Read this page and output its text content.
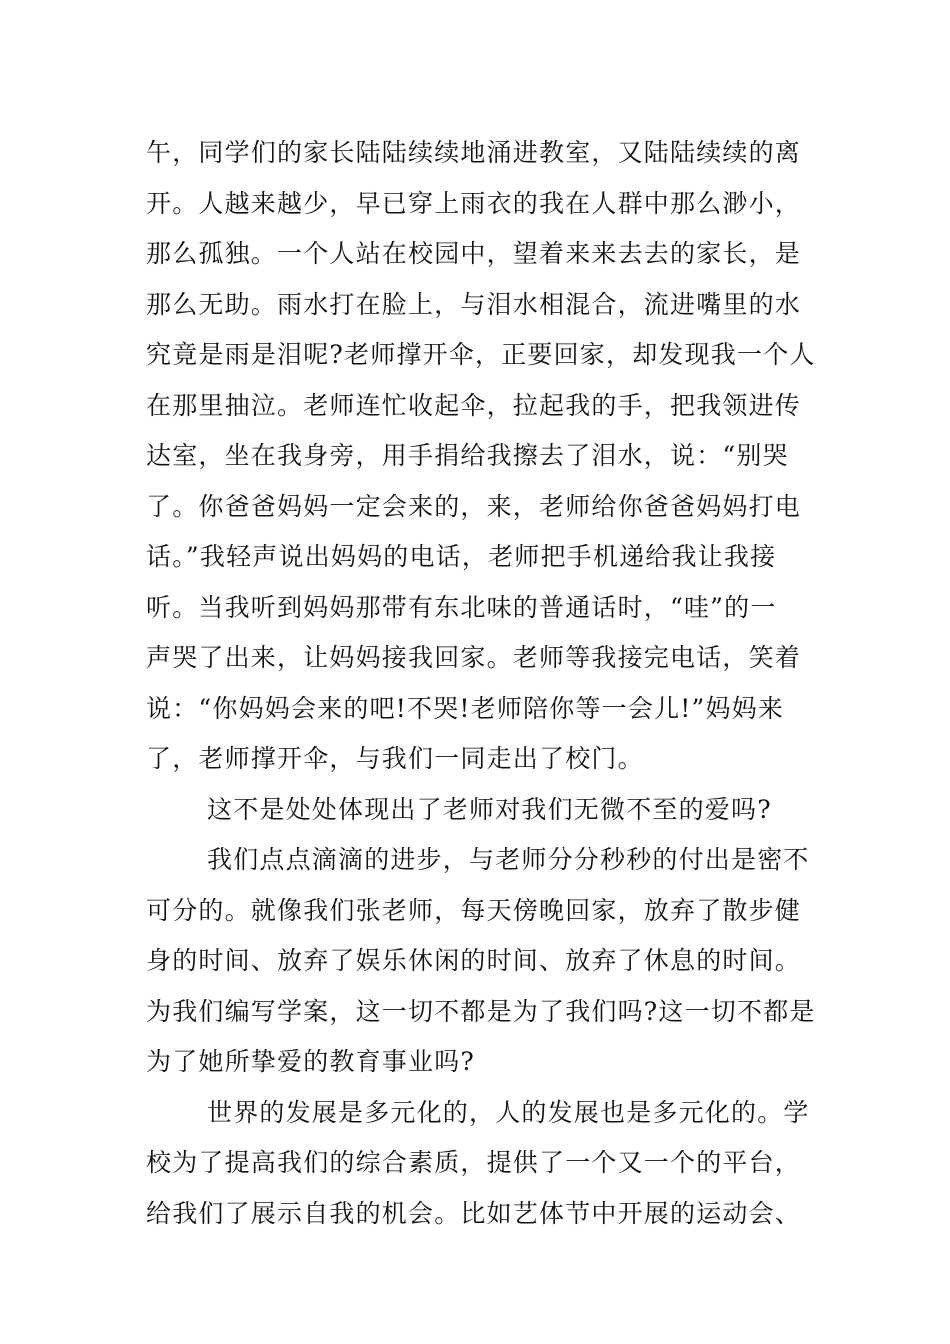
午，同学们的家长陆陆续续地涌进教室，又陆陆续续的离

开。人越来越少，早已穿上雨衣的我在人群中那么渺小，

那么孤独。一个人站在校园中，望着来来去去的家长，是

那么无助。雨水打在脸上，与泪水相混合，流进嘴里的水

究竟是雨是泪呢?老师撑开伞，正要回家，却发现我一个人

在那里抽泣。老师连忙收起伞，拉起我的手，把我领进传

达室，坐在我身旁，用手捐给我擦去了泪水，说：“别哭

了。你爸爸妈妈一定会来的，来，老师给你爸爸妈妈打电

话。”我轻声说出妈妈的电话，老师把手机递给我让我接

听。当我听到妈妈那带有东北味的普通话时，“哇”的一

声哭了出来，让妈妈接我回家。老师等我接完电话，笑着

说：“你妈妈会来的吧!不哭!老师陪你等一会儿!”妈妈来

了，老师撑开伞，与我们一同走出了校门。

这不是处处体现出了老师对我们无微不至的爱吗?

我们点点滴滴的进步，与老师分分秒秒的付出是密不

可分的。就像我们张老师，每天傍晚回家，放弃了散步健

身的时间、放弃了娱乐休闲的时间、放弃了休息的时间。

为我们编写学案，这一切不都是为了我们吗?这一切不都是

为了她所挚爱的教育事业吗?

世界的发展是多元化的，人的发展也是多元化的。学

校为了提高我们的综合素质，提供了一个又一个的平台，

给我们了展示自我的机会。比如艺体节中开展的运动会、
